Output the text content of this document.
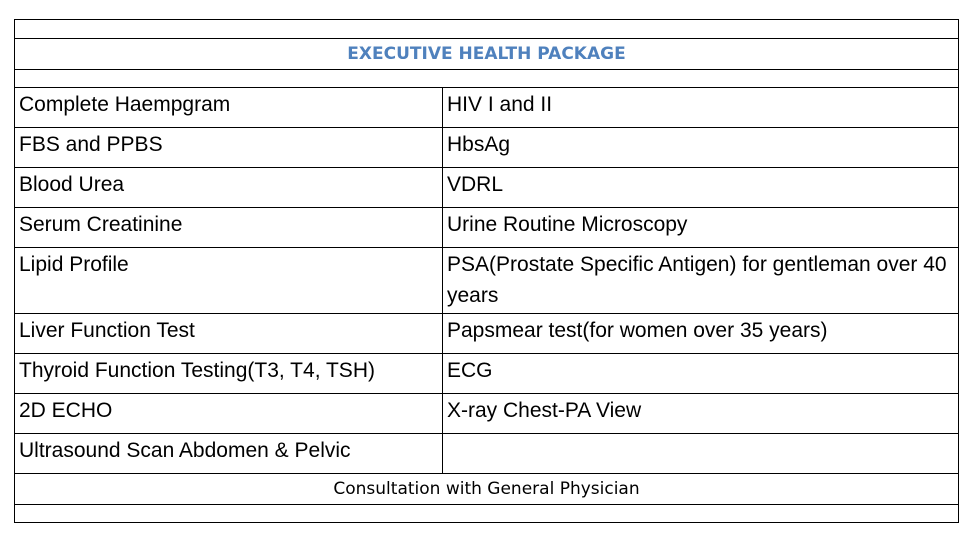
EXECUTIVE HEALTH PACKAGE	

Complete Haempgram	HIV I and II
FBS and PPBS	HbsAg
Blood Urea	VDRL
Serum Creatinine	Urine Routine Microscopy
Lipid Profile	PSA(Prostate Specific Antigen) for gentleman over 40 years
Liver Function Test	Papsmear test(for women over 35 years)
Thyroid Function Testing(T3, T4, TSH)	ECG
2D ECHO	X-ray Chest-PA View
Ultrasound Scan Abdomen & Pelvic	
Consultation with General Physician	
